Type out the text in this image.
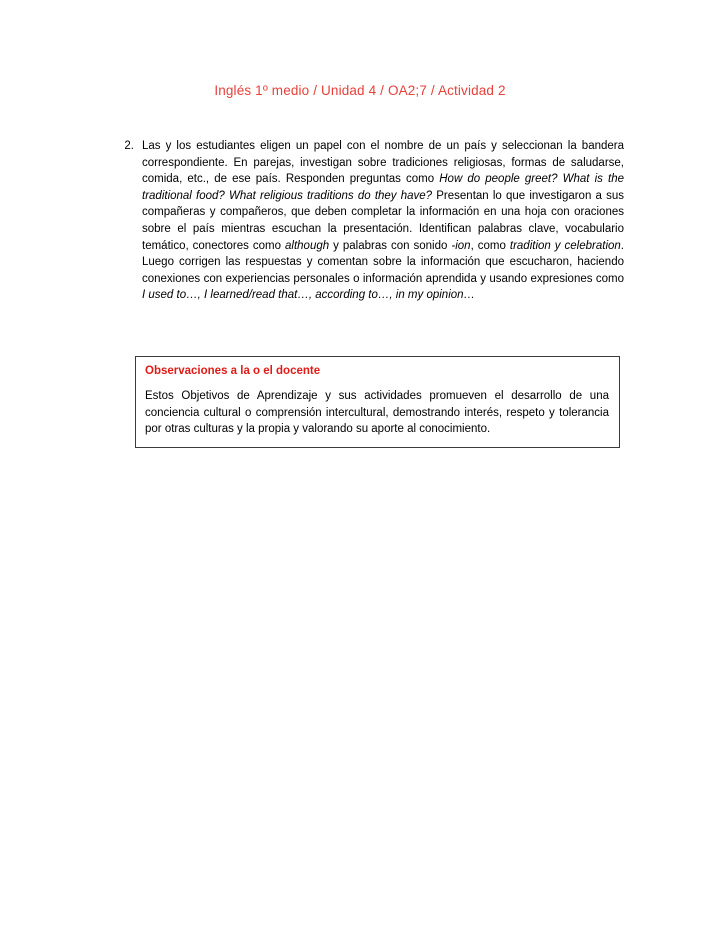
Inglés 1º medio / Unidad 4 / OA2;7 / Actividad 2
2. Las y los estudiantes eligen un papel con el nombre de un país y seleccionan la bandera correspondiente. En parejas, investigan sobre tradiciones religiosas, formas de saludarse, comida, etc., de ese país. Responden preguntas como How do people greet? What is the traditional food? What religious traditions do they have? Presentan lo que investigaron a sus compañeras y compañeros, que deben completar la información en una hoja con oraciones sobre el país mientras escuchan la presentación. Identifican palabras clave, vocabulario temático, conectores como although y palabras con sonido -ion, como tradition y celebration. Luego corrigen las respuestas y comentan sobre la información que escucharon, haciendo conexiones con experiencias personales o información aprendida y usando expresiones como I used to…, I learned/read that…, according to…, in my opinion…
Observaciones a la o el docente
Estos Objetivos de Aprendizaje y sus actividades promueven el desarrollo de una conciencia cultural o comprensión intercultural, demostrando interés, respeto y tolerancia por otras culturas y la propia y valorando su aporte al conocimiento.
